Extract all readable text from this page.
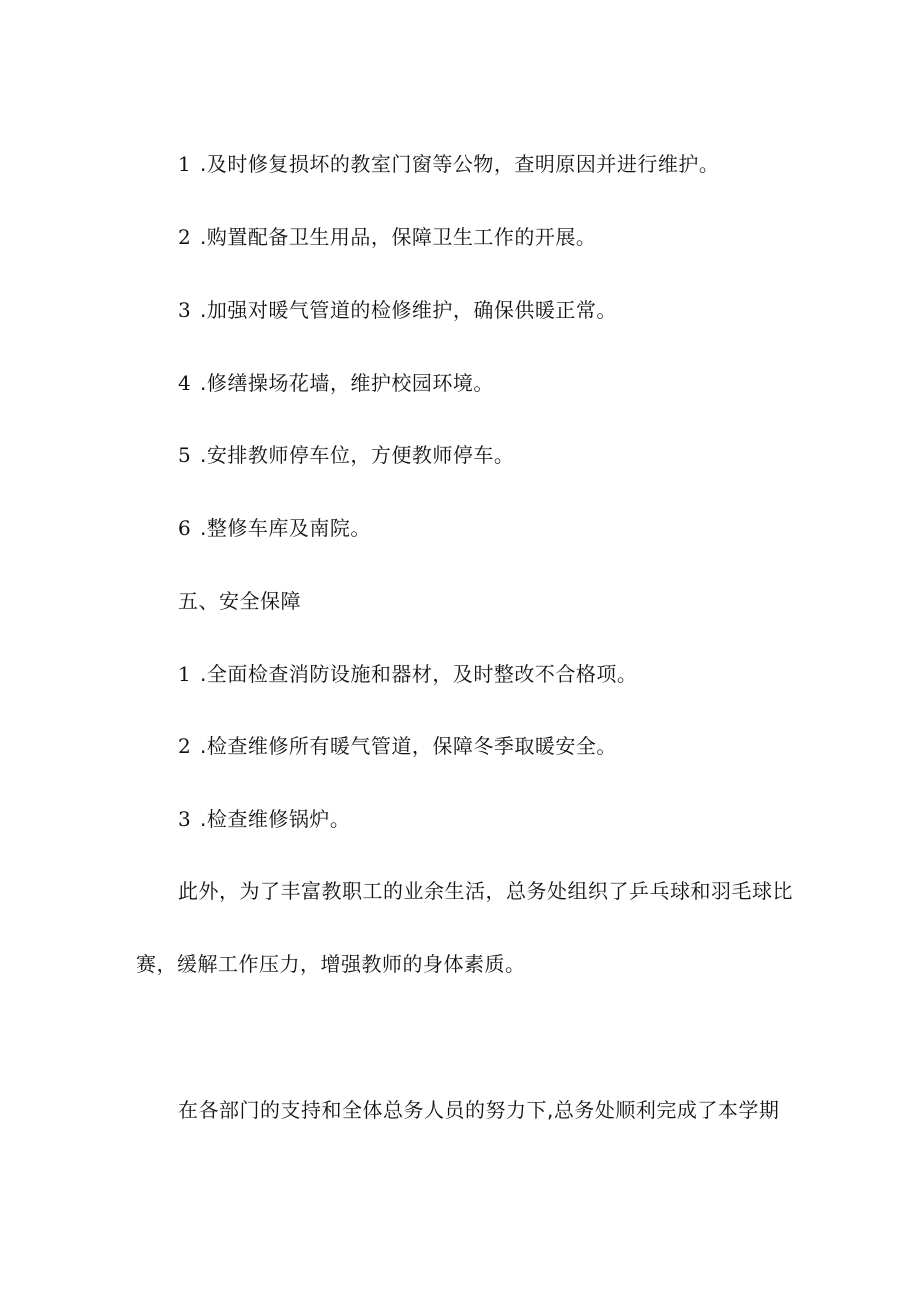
1 .及时修复损坏的教室门窗等公物，查明原因并进行维护。
2 .购置配备卫生用品，保障卫生工作的开展。
3 .加强对暖气管道的检修维护，确保供暖正常。
4 .修缮操场花墙，维护校园环境。
5 .安排教师停车位，方便教师停车。
6 .整修车库及南院。
五、安全保障
1 .全面检查消防设施和器材，及时整改不合格项。
2 .检查维修所有暖气管道，保障冬季取暖安全。
3 .检查维修锅炉。
此外，为了丰富教职工的业余生活，总务处组织了乒乓球和羽毛球比
赛，缓解工作压力，增强教师的身体素质。
在各部门的支持和全体总务人员的努力下,总务处顺利完成了本学期
